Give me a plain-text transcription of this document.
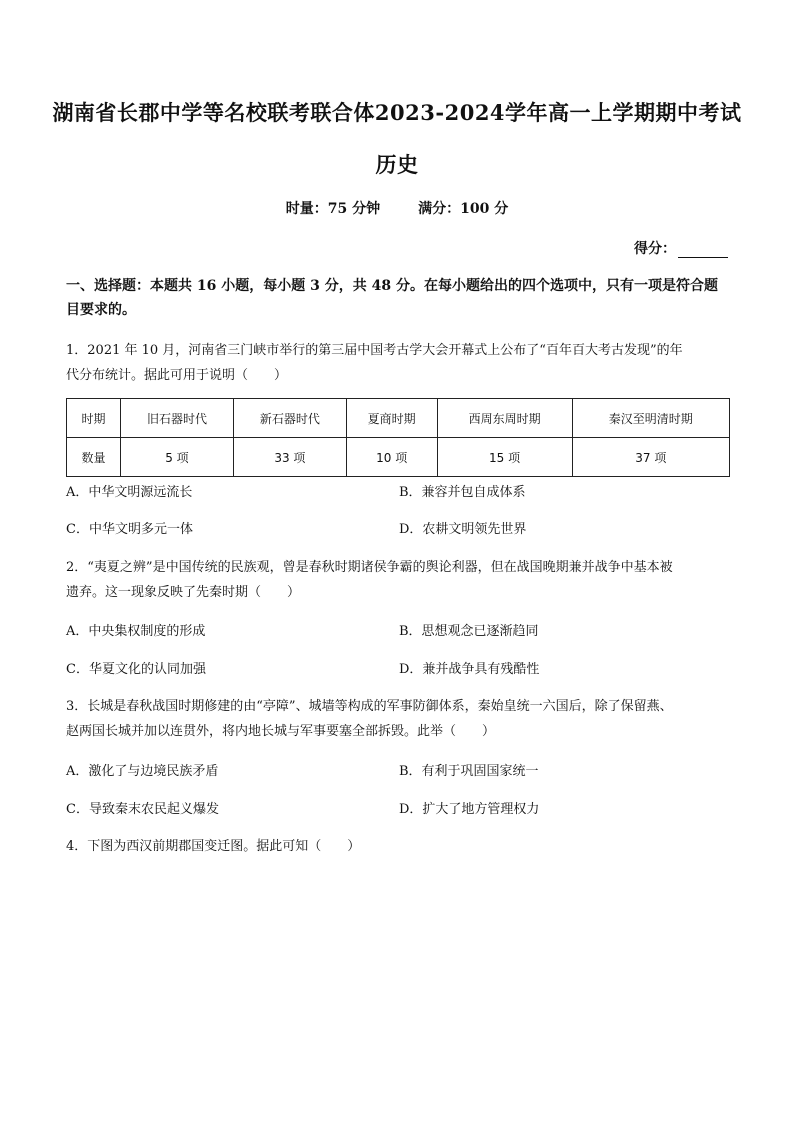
湖南省长郡中学等名校联考联合体2023-2024学年高一上学期期中考试
历史
时量：75 分钟	满分：100 分
得分：
一、选择题：本题共 16 小题，每小题 3 分，共 48 分。在每小题给出的四个选项中，只有一项是符合题目要求的。
1．2021 年 10 月，河南省三门峡市举行的第三届中国考古学大会开幕式上公布了“百年百大考古发现”的年
代分布统计。据此可用于说明（　　）
时期	旧石器时代	新石器时代	夏商时期	西周东周时期	秦汉至明清时期
数量	5 项	33 项	10 项	15 项	37 项
A．中华文明源远流长	B．兼容并包自成体系
C．中华文明多元一体	D．农耕文明领先世界
2．“夷夏之辨”是中国传统的民族观，曾是春秋时期诸侯争霸的舆论利器，但在战国晚期兼并战争中基本被
遗弃。这一现象反映了先秦时期（　　）
A．中央集权制度的形成	B．思想观念已逐渐趋同
C．华夏文化的认同加强	D．兼并战争具有残酷性
3．长城是春秋战国时期修建的由“亭障”、城墙等构成的军事防御体系，秦始皇统一六国后，除了保留燕、
赵两国长城并加以连贯外，将内地长城与军事要塞全部拆毁。此举（　　）
A．激化了与边境民族矛盾	B．有利于巩固国家统一
C．导致秦末农民起义爆发	D．扩大了地方管理权力
4．下图为西汉前期郡国变迁图。据此可知（　　）
